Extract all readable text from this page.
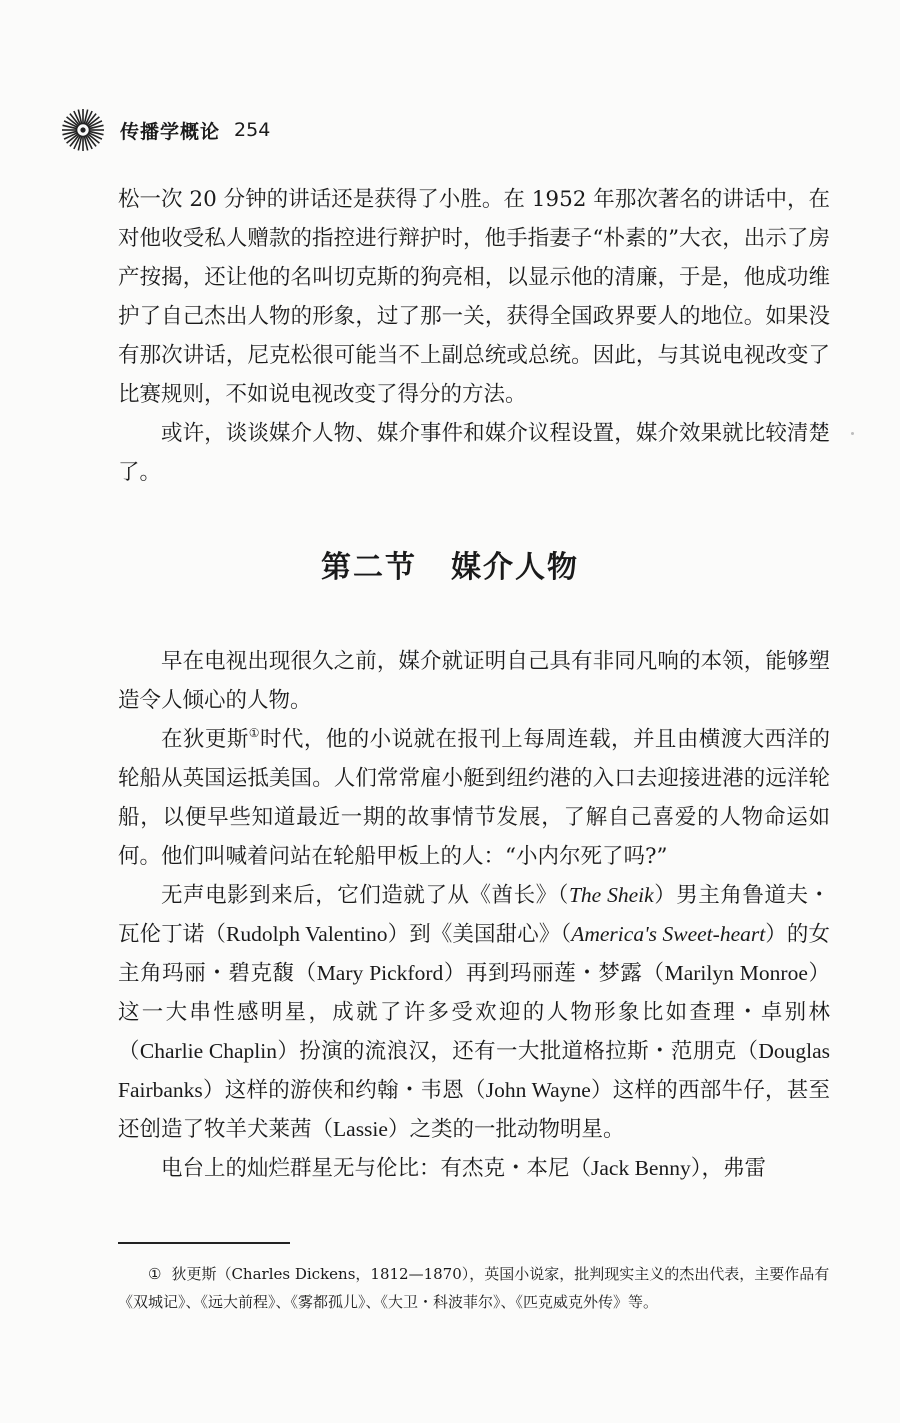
传播学概论 254

松一次 20 分钟的讲话还是获得了小胜。在 1952 年那次著名的讲话中，在对他收受私人赠款的指控进行辩护时，他手指妻子“朴素的”大衣，出示了房产按揭，还让他的名叫切克斯的狗亮相，以显示他的清廉，于是，他成功维护了自己杰出人物的形象，过了那一关，获得全国政界要人的地位。如果没有那次讲话，尼克松很可能当不上副总统或总统。因此，与其说电视改变了比赛规则，不如说电视改变了得分的方法。

或许，谈谈媒介人物、媒介事件和媒介议程设置，媒介效果就比较清楚了。

第二节 媒介人物

早在电视出现很久之前，媒介就证明自己具有非同凡响的本领，能够塑造令人倾心的人物。

在狄更斯①时代，他的小说就在报刊上每周连载，并且由横渡大西洋的轮船从英国运抵美国。人们常常雇小艇到纽约港的入口去迎接进港的远洋轮船，以便早些知道最近一期的故事情节发展，了解自己喜爱的人物命运如何。他们叫喊着问站在轮船甲板上的人：“小内尔死了吗?”

无声电影到来后，它们造就了从《酋长》（The Sheik）男主角鲁道夫・瓦伦丁诺（Rudolph Valentino）到《美国甜心》（America's Sweet-heart）的女主角玛丽・碧克馥（Mary Pickford）再到玛丽莲・梦露（Marilyn Monroe）这一大串性感明星，成就了许多受欢迎的人物形象比如查理・卓别林（Charlie Chaplin）扮演的流浪汉，还有一大批道格拉斯・范朋克（Douglas Fairbanks）这样的游侠和约翰・韦恩（John Wayne）这样的西部牛仔，甚至还创造了牧羊犬莱茜（Lassie）之类的一批动物明星。

电台上的灿烂群星无与伦比：有杰克・本尼（Jack Benny），弗雷

① 狄更斯（Charles Dickens，1812—1870），英国小说家，批判现实主义的杰出代表，主要作品有《双城记》、《远大前程》、《雾都孤儿》、《大卫・科波菲尔》、《匹克威克外传》等。
